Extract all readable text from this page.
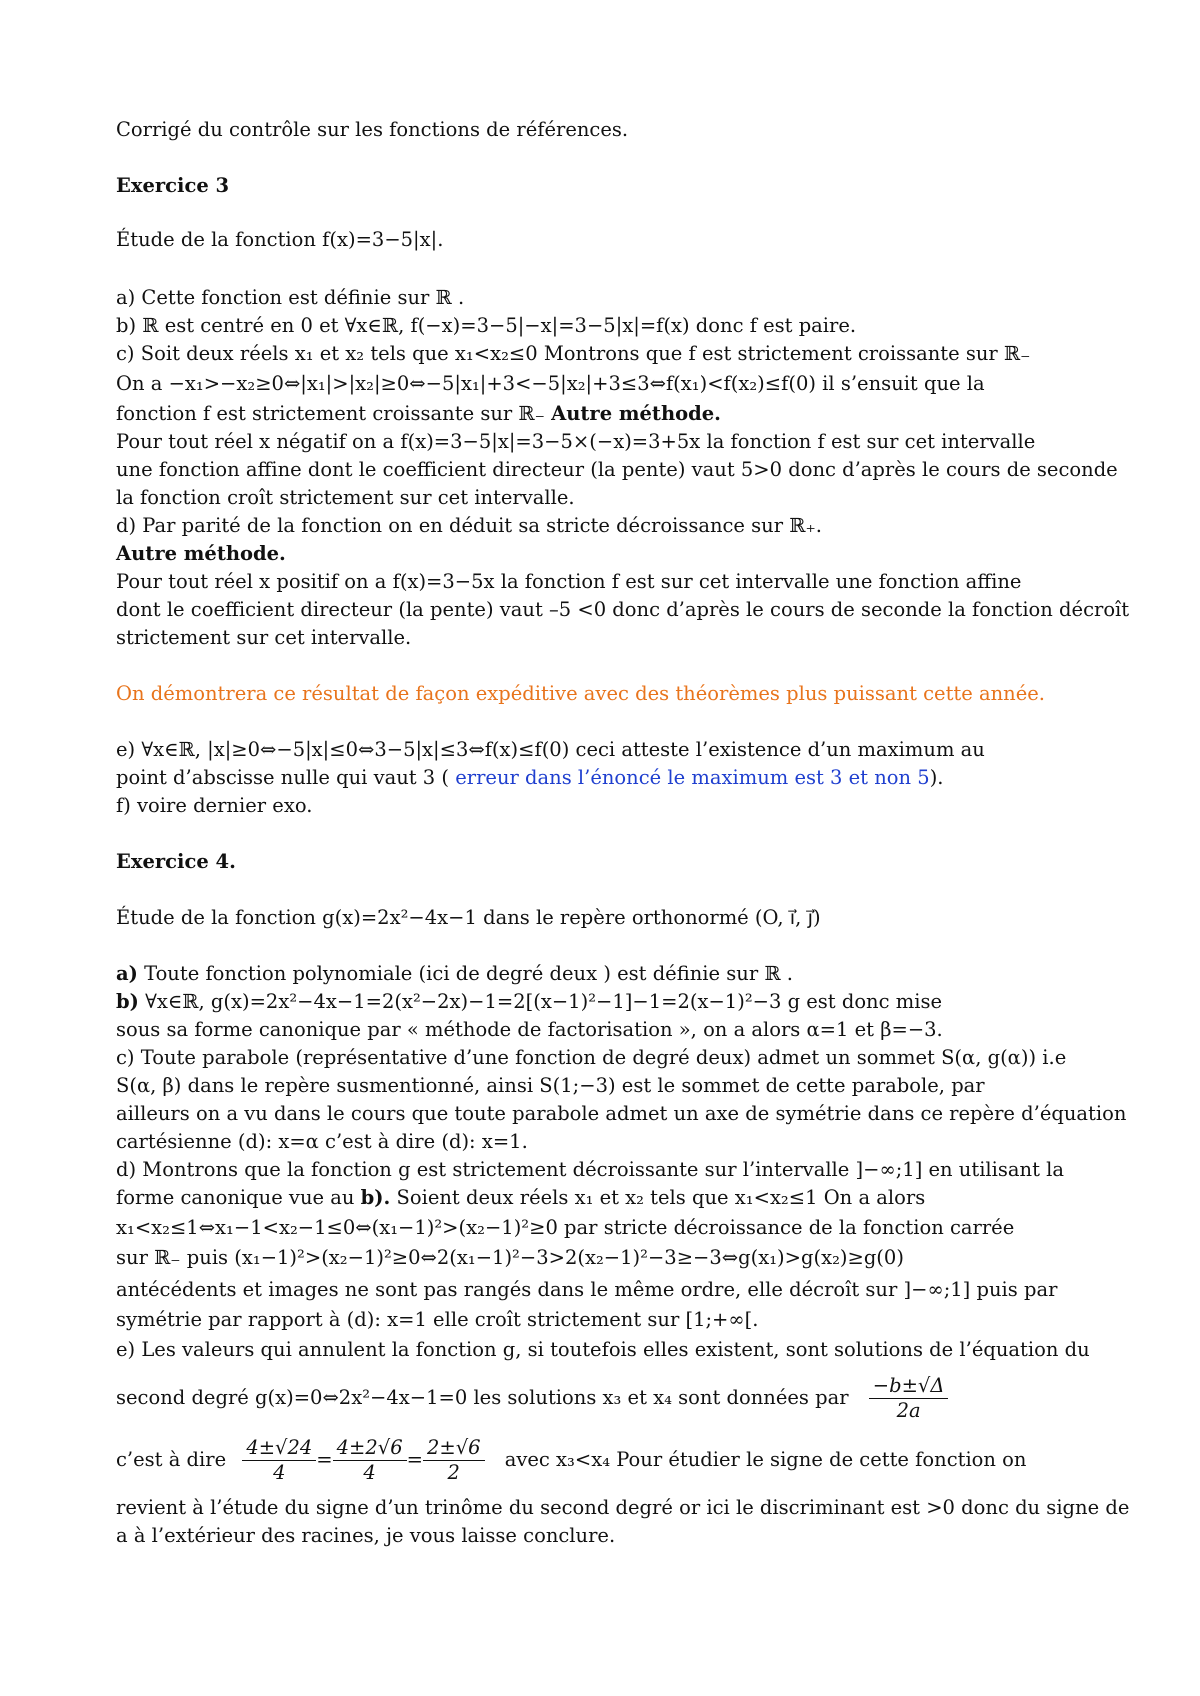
Corrigé du contrôle sur les fonctions de références.
Exercice 3
Étude de la fonction f(x)=3−5|x|.
a) Cette fonction est définie sur ℝ .
b) ℝ est centré en 0 et ∀x∈ℝ, f(−x)=3−5|−x|=3−5|x|=f(x) donc f est paire.
c) Soit deux réels x₁ et x₂ tels que x₁<x₂≤0 Montrons que f est strictement croissante sur ℝ₋
On a −x₁>−x₂≥0⇔|x₁|>|x₂|≥0⇔−5|x₁|+3<−5|x₂|+3≤3⇔f(x₁)<f(x₂)≤f(0) il s’ensuit que la
fonction f est strictement croissante sur ℝ₋ Autre méthode.
Pour tout réel x négatif on a f(x)=3−5|x|=3−5×(−x)=3+5x la fonction f est sur cet intervalle
une fonction affine dont le coefficient directeur (la pente) vaut 5>0 donc d’après le cours de seconde
la fonction croît strictement sur cet intervalle.
d) Par parité de la fonction on en déduit sa stricte décroissance sur ℝ₊.
Autre méthode.
Pour tout réel x positif on a f(x)=3−5x la fonction f est sur cet intervalle une fonction affine
dont le coefficient directeur (la pente) vaut –5 <0 donc d’après le cours de seconde la fonction décroît
strictement sur cet intervalle.
On démontrera ce résultat de façon expéditive avec des théorèmes plus puissant cette année.
e) ∀x∈ℝ, |x|≥0⇔−5|x|≤0⇔3−5|x|≤3⇔f(x)≤f(0) ceci atteste l’existence d’un maximum au
point d’abscisse nulle qui vaut 3 ( erreur dans l’énoncé le maximum est 3 et non 5).
f) voire dernier exo.
Exercice 4.
Étude de la fonction g(x)=2x²−4x−1 dans le repère orthonormé (O, i⃗, j⃗)
a) Toute fonction polynomiale (ici de degré deux ) est définie sur ℝ .
b) ∀x∈ℝ, g(x)=2x²−4x−1=2(x²−2x)−1=2[(x−1)²−1]−1=2(x−1)²−3 g est donc mise
sous sa forme canonique par « méthode de factorisation », on a alors α=1 et β=−3.
c) Toute parabole (représentative d’une fonction de degré deux) admet un sommet S(α, g(α)) i.e
S(α, β) dans le repère susmentionné, ainsi S(1;−3) est le sommet de cette parabole, par
ailleurs on a vu dans le cours que toute parabole admet un axe de symétrie dans ce repère d’équation
cartésienne (d): x=α c’est à dire (d): x=1.
d) Montrons que la fonction g est strictement décroissante sur l’intervalle ]−∞;1] en utilisant la
forme canonique vue au b). Soient deux réels x₁ et x₂ tels que x₁<x₂≤1 On a alors
x₁<x₂≤1⇔x₁−1<x₂−1≤0⇔(x₁−1)²>(x₂−1)²≥0 par stricte décroissance de la fonction carrée
sur ℝ₋ puis (x₁−1)²>(x₂−1)²≥0⇔2(x₁−1)²−3>2(x₂−1)²−3≥−3⇔g(x₁)>g(x₂)≥g(0)
antécédents et images ne sont pas rangés dans le même ordre, elle décroît sur ]−∞;1] puis par
symétrie par rapport à (d): x=1 elle croît strictement sur [1;+∞[.
e) Les valeurs qui annulent la fonction g, si toutefois elles existent, sont solutions de l’équation du
second degré g(x)=0⇔2x²−4x−1=0 les solutions x₃ et x₄ sont données par $\frac{-b\pm√\Delta}{2a}$
c’est à dire $\frac{4\pm√24}{4} = \frac{4\pm 2√6}{4} = \frac{2\pm√6}{2}$ avec x₃<x₄ Pour étudier le signe de cette fonction on
revient à l’étude du signe d’un trinôme du second degré or ici le discriminant est >0 donc du signe de
a à l’extérieur des racines, je vous laisse conclure.
